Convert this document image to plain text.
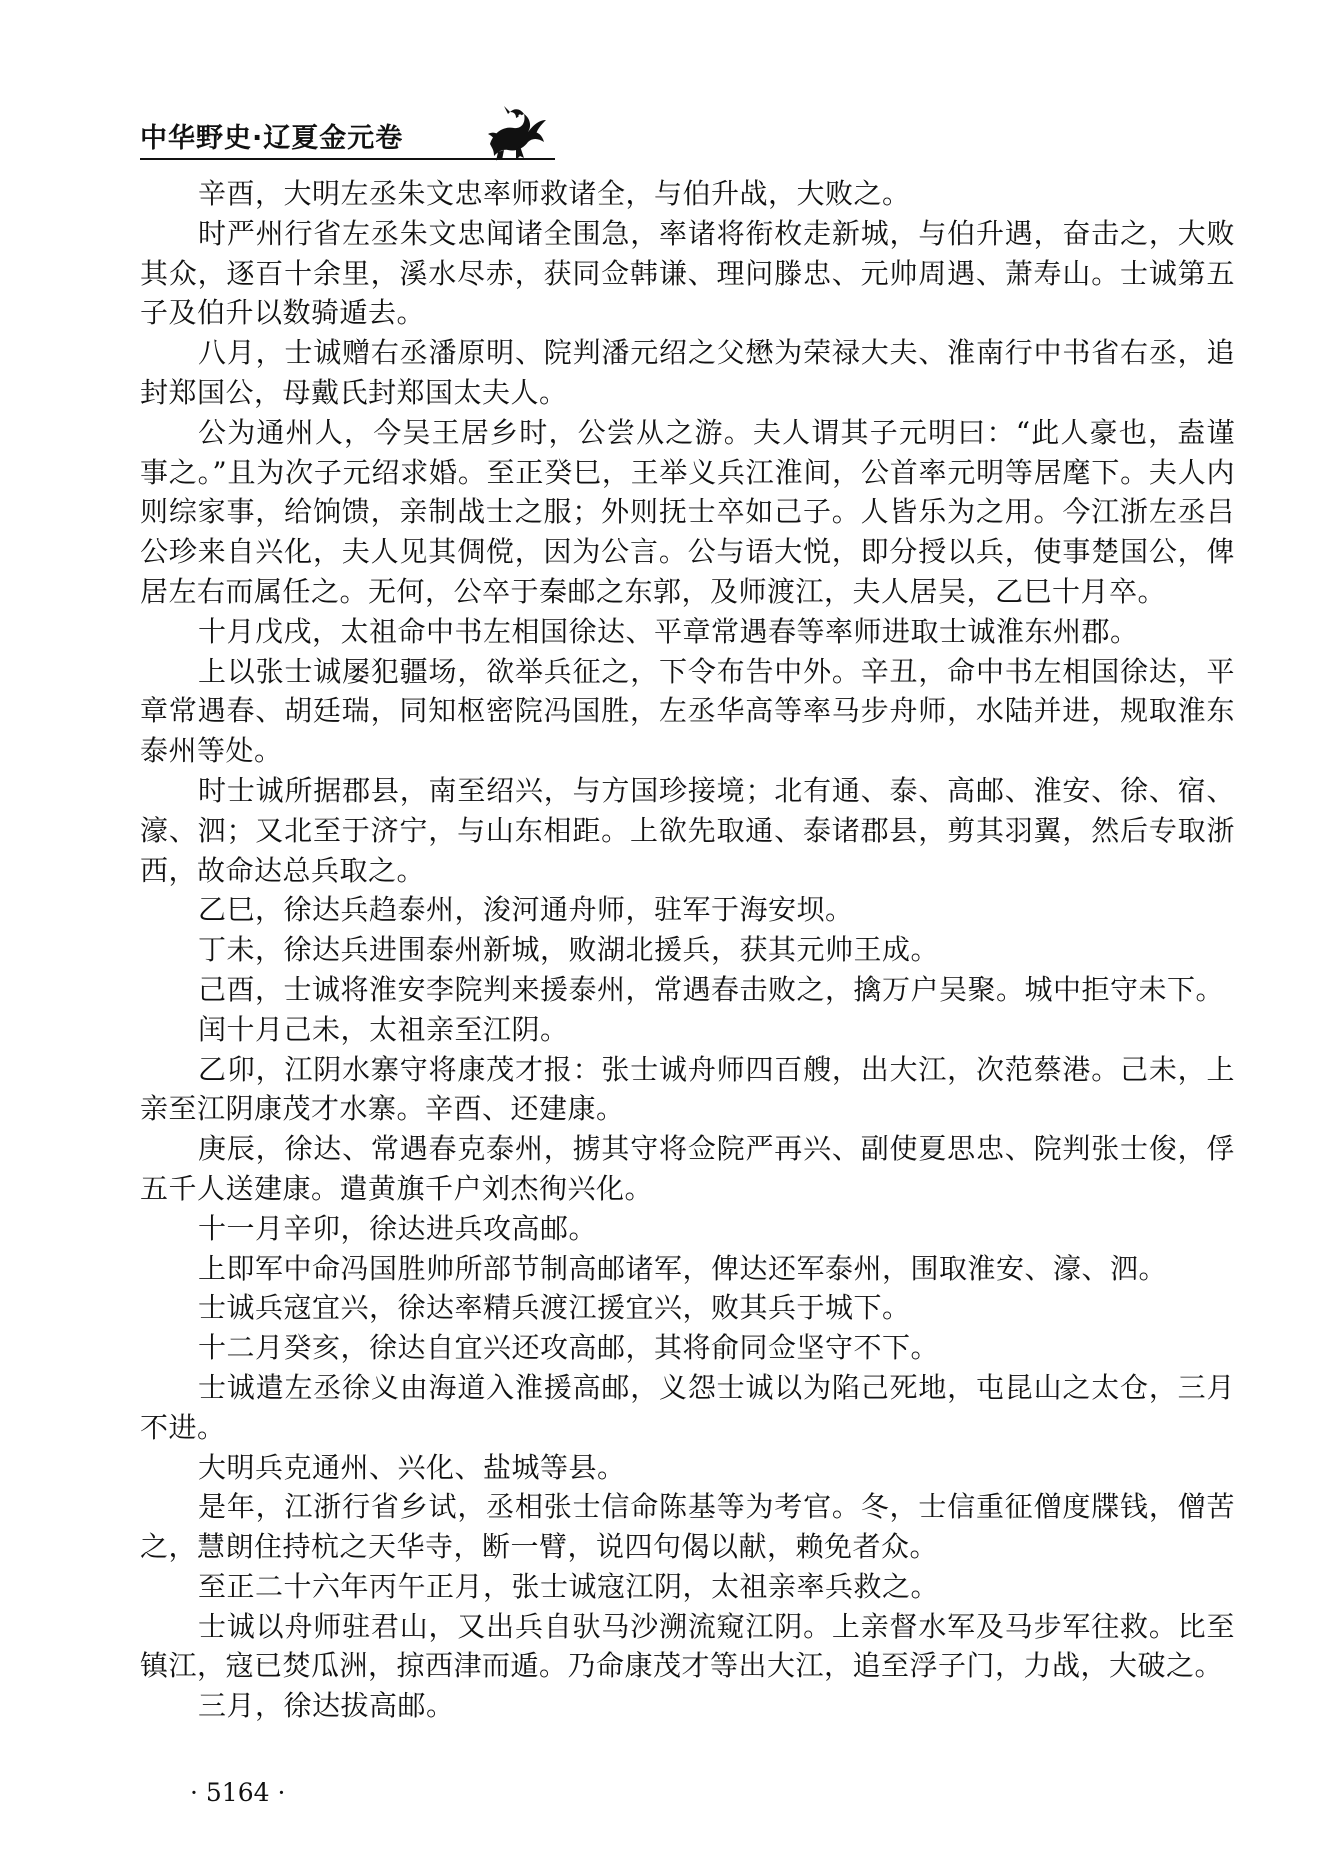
中华野史·辽夏金元卷

辛酉，大明左丞朱文忠率师救诸全，与伯升战，大败之。

时严州行省左丞朱文忠闻诸全围急，率诸将衔枚走新城，与伯升遇，奋击之，大败其众，逐百十余里，溪水尽赤，获同佥韩谦、理问滕忠、元帅周遇、萧寿山。士诚第五子及伯升以数骑遁去。

八月，士诚赠右丞潘原明、院判潘元绍之父懋为荣禄大夫、淮南行中书省右丞，追封郑国公，母戴氏封郑国太夫人。

公为通州人，今吴王居乡时，公尝从之游。夫人谓其子元明曰：“此人豪也，盍谨事之。”且为次子元绍求婚。至正癸巳，王举义兵江淮间，公首率元明等居麾下。夫人内则综家事，给饷馈，亲制战士之服；外则抚士卒如己子。人皆乐为之用。今江浙左丞吕公珍来自兴化，夫人见其倜傥，因为公言。公与语大悦，即分授以兵，使事楚国公，俾居左右而属任之。无何，公卒于秦邮之东郭，及师渡江，夫人居吴，乙巳十月卒。

十月戊戌，太祖命中书左相国徐达、平章常遇春等率师进取士诚淮东州郡。

上以张士诚屡犯疆场，欲举兵征之，下令布告中外。辛丑，命中书左相国徐达，平章常遇春、胡廷瑞，同知枢密院冯国胜，左丞华高等率马步舟师，水陆并进，规取淮东泰州等处。

时士诚所据郡县，南至绍兴，与方国珍接境；北有通、泰、高邮、淮安、徐、宿、濠、泗；又北至于济宁，与山东相距。上欲先取通、泰诸郡县，剪其羽翼，然后专取浙西，故命达总兵取之。

乙巳，徐达兵趋泰州，浚河通舟师，驻军于海安坝。

丁未，徐达兵进围泰州新城，败湖北援兵，获其元帅王成。

己酉，士诚将淮安李院判来援泰州，常遇春击败之，擒万户吴聚。城中拒守未下。

闰十月己未，太祖亲至江阴。

乙卯，江阴水寨守将康茂才报：张士诚舟师四百艘，出大江，次范蔡港。己未，上亲至江阴康茂才水寨。辛酉、还建康。

庚辰，徐达、常遇春克泰州，掳其守将佥院严再兴、副使夏思忠、院判张士俊，俘五千人送建康。遣黄旗千户刘杰徇兴化。

十一月辛卯，徐达进兵攻高邮。

上即军中命冯国胜帅所部节制高邮诸军，俾达还军泰州，围取淮安、濠、泗。

士诚兵寇宜兴，徐达率精兵渡江援宜兴，败其兵于城下。

十二月癸亥，徐达自宜兴还攻高邮，其将俞同佥坚守不下。

士诚遣左丞徐义由海道入淮援高邮，义怨士诚以为陷己死地，屯昆山之太仓，三月不进。

大明兵克通州、兴化、盐城等县。

是年，江浙行省乡试，丞相张士信命陈基等为考官。冬，士信重征僧度牒钱，僧苦之，慧朗住持杭之天华寺，断一臂，说四句偈以献，赖免者众。

至正二十六年丙午正月，张士诚寇江阴，太祖亲率兵救之。

士诚以舟师驻君山，又出兵自驮马沙溯流窥江阴。上亲督水军及马步军往救。比至镇江，寇已焚瓜洲，掠西津而遁。乃命康茂才等出大江，追至浮子门，力战，大破之。

三月，徐达拔高邮。

· 5164 ·
